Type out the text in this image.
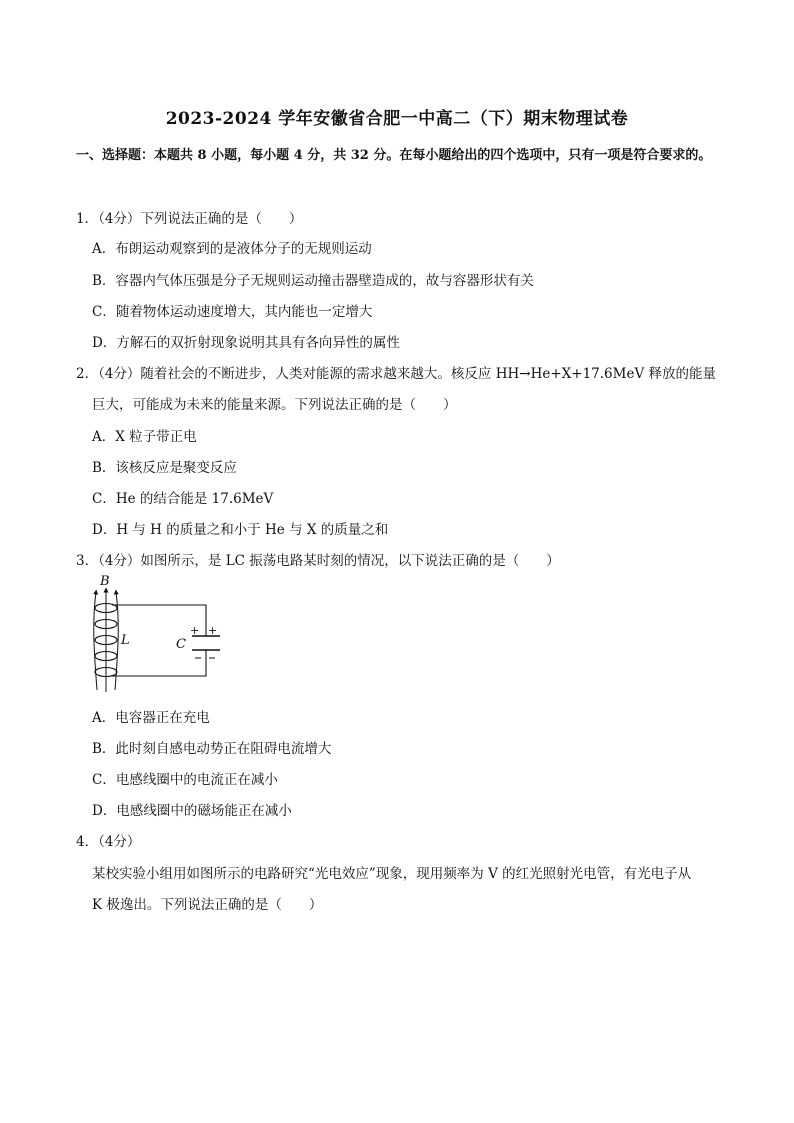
2023-2024 学年安徽省合肥一中高二（下）期末物理试卷
一、选择题：本题共 8 小题，每小题 4 分，共 32 分。在每小题给出的四个选项中，只有一项是符合要求的。
1．（4分）下列说法正确的是（　　）
A．布朗运动观察到的是液体分子的无规则运动
B．容器内气体压强是分子无规则运动撞击器壁造成的，故与容器形状有关
C．随着物体运动速度增大，其内能也一定增大
D．方解石的双折射现象说明其具有各向异性的属性
2．（4分）随着社会的不断进步，人类对能源的需求越来越大。核反应 HH→He+X+17.6MeV 释放的能量
巨大，可能成为未来的能量来源。下列说法正确的是（　　）
A．X 粒子带正电
B．该核反应是聚变反应
C．He 的结合能是 17.6MeV
D．H 与 H 的质量之和小于 He 与 X 的质量之和
3．（4分）如图所示，是 LC 振荡电路某时刻的情况，以下说法正确的是（　　）
B
L
+ +
C
A．电容器正在充电
B．此时刻自感电动势正在阻碍电流增大
C．电感线圈中的电流正在减小
D．电感线圈中的磁场能正在减小
4．（4分）
某校实验小组用如图所示的电路研究“光电效应”现象，现用频率为 V 的红光照射光电管，有光电子从
K 极逸出。下列说法正确的是（　　）
